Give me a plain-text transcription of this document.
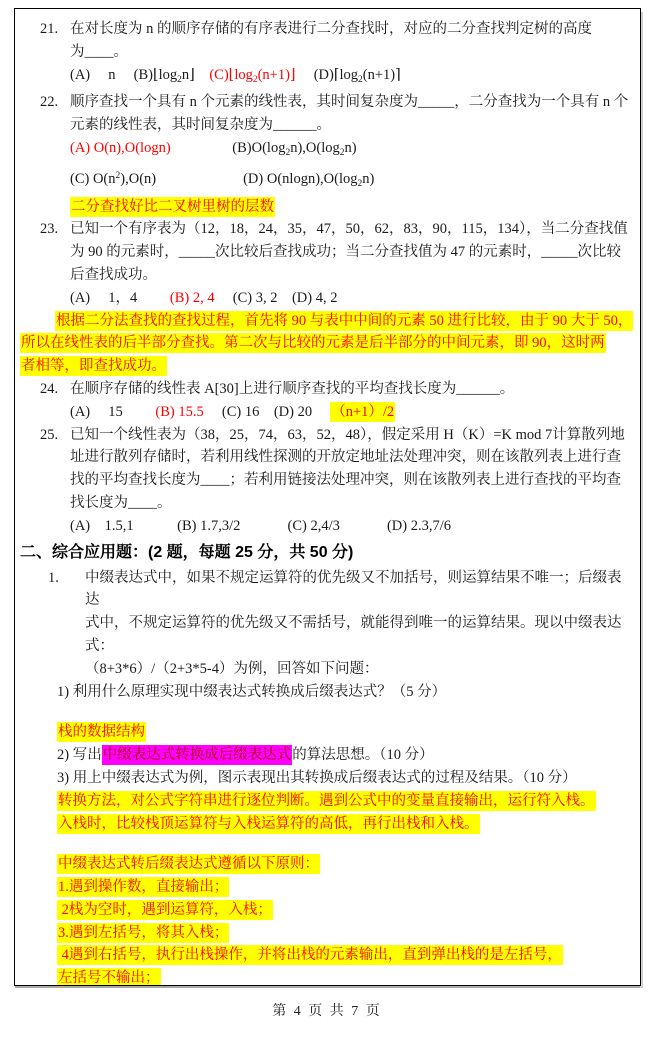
21. 在对长度为 n 的顺序存储的有序表进行二分查找时，对应的二分查找判定树的高度
为____。
(A)　 n　 $(B)⌊\log_2n⌋$　$(C)⌊\log_2(n+1)⌋$　 $(D)⌈\log_2(n+1)⌉$
22. 顺序查找一个具有 n 个元素的线性表，其时间复杂度为_____，二分查找为一个具有 n 个
元素的线性表，其时间复杂度为______。
(A) O(n),O(logn)　　　　 $(B)O(\log_2n),O(\log_2n)$
(C) $O(n^2),O(n)$　　　　　　(D) $O(nlogn),O(\log_2n)$
二分查找好比二叉树里树的层数
23. 已知一个有序表为（12，18，24，35，47，50，62，83，90，115，134），当二分查找值
为 90 的元素时，_____次比较后查找成功；当二分查找值为 47 的元素时，_____次比较
后查找成功。
(A)　 1，4　　 (B) 2, 4　 (C) 3, 2　(D) 4, 2
根据二分法查找的查找过程，首先将 90 与表中中间的元素 50 进行比较，由于 90 大于 50，
所以在线性表的后半部分查找。第二次与比较的元素是后半部分的中间元素，即 90，这时两
者相等，即查找成功。
24. 在顺序存储的线性表 A[30]上进行顺序查找的平均查找长度为______。
(A)　 15　　 (B) 15.5　 (C) 16　(D) 20　 （n+1）/2
25. 已知一个线性表为（38，25，74，63，52，48），假定采用 H（K）=K mod 7计算散列地
址进行散列存储时，若利用线性探测的开放定地址法处理冲突，则在该散列表上进行查
找的平均查找长度为____；若利用链接法处理冲突，则在该散列表上进行查找的平均查
找长度为____。
(A)　1.5,1　　　(B) 1.7,3/2　　　 (C) 2,4/3　　　 (D) 2.3,7/6
二、综合应用题：(2 题，每题 25 分，共 50 分)
1.	中缀表达式中，如果不规定运算符的优先级又不加括号，则运算结果不唯一；后缀表达
式中，不规定运算符的优先级又不需括号，就能得到唯一的运算结果。现以中缀表达式：
（8+3*6）/（2+3*5-4）为例，回答如下问题：
1) 利用什么原理实现中缀表达式转换成后缀表达式？（5 分）
栈的数据结构
2) 写出中缀表达式转换成后缀表达式的算法思想。（10 分）
3) 用上中缀表达式为例，图示表现出其转换成后缀表达式的过程及结果。（10 分）
转换方法，对公式字符串进行逐位判断。遇到公式中的变量直接输出，运行符入栈。
入栈时，比较栈顶运算符与入栈运算符的高低，再行出栈和入栈。
中缀表达式转后缀表达式遵循以下原则：
1.遇到操作数，直接输出；
2栈为空时，遇到运算符，入栈；
3.遇到左括号，将其入栈；
4遇到右括号，执行出栈操作，并将出栈的元素输出，直到弹出栈的是左括号，
左括号不输出；
第 4 页 共 7 页
